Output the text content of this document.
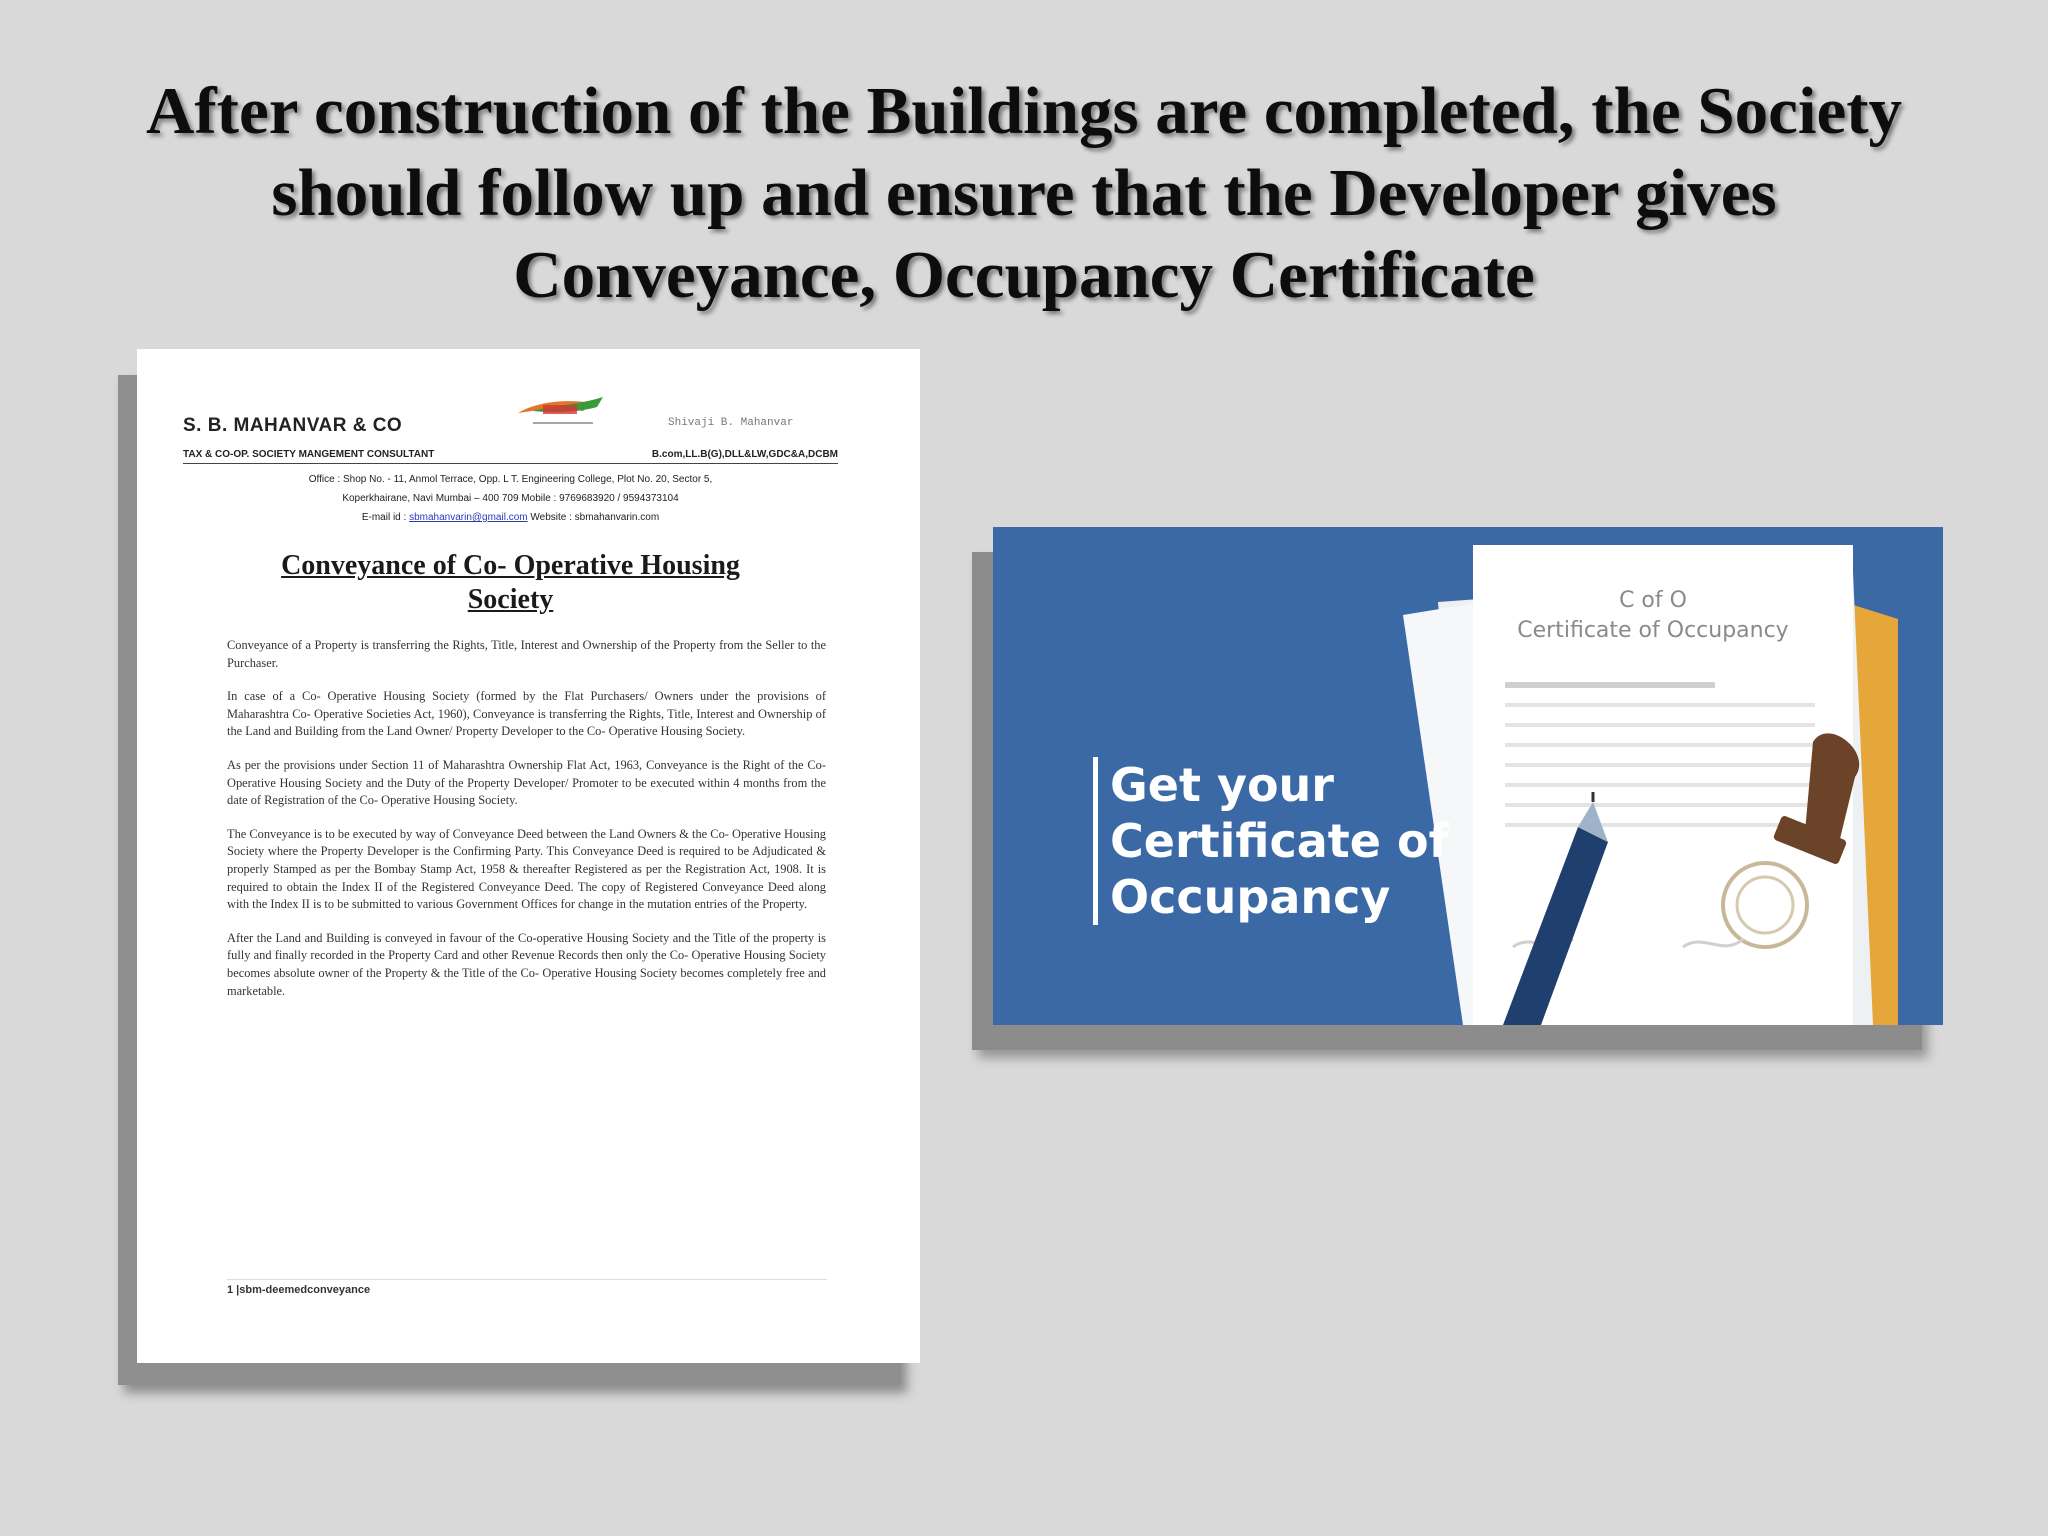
After construction of the Buildings are completed, the Society
should follow up and ensure that the Developer gives
Conveyance, Occupancy Certificate
S. B. MAHANVAR & CO	Shivaji B. Mahanvar
TAX & CO-OP. SOCIETY MANGEMENT CONSULTANT	B.com,LL.B(G),DLL&LW,GDC&A,DCBM
Office : Shop No. - 11, Anmol Terrace, Opp. L T. Engineering College, Plot No. 20, Sector 5,
Koperkhairane, Navi Mumbai – 400 709 Mobile : 9769683920 / 9594373104
E-mail id : sbmahanvarin@gmail.com Website : sbmahanvarin.com
Conveyance of Co- Operative Housing
Society

Conveyance of a Property is transferring the Rights, Title, Interest and Ownership of the Property from the Seller to the Purchaser.

In case of a Co- Operative Housing Society (formed by the Flat Purchasers/ Owners under the provisions of Maharashtra Co- Operative Societies Act, 1960), Conveyance is transferring the Rights, Title, Interest and Ownership of the Land and Building from the Land Owner/ Property Developer to the Co- Operative Housing Society.

As per the provisions under Section 11 of Maharashtra Ownership Flat Act, 1963, Conveyance is the Right of the Co- Operative Housing Society and the Duty of the Property Developer/ Promoter to be executed within 4 months from the date of Registration of the Co- Operative Housing Society.

The Conveyance is to be executed by way of Conveyance Deed between the Land Owners & the Co- Operative Housing Society where the Property Developer is the Confirming Party. This Conveyance Deed is required to be Adjudicated & properly Stamped as per the Bombay Stamp Act, 1958 & thereafter Registered as per the Registration Act, 1908. It is required to obtain the Index II of the Registered Conveyance Deed. The copy of Registered Conveyance Deed along with the Index II is to be submitted to various Government Offices for change in the mutation entries of the Property.

After the Land and Building is conveyed in favour of the Co-operative Housing Society and the Title of the property is fully and finally recorded in the Property Card and other Revenue Records then only the Co- Operative Housing Society becomes absolute owner of the Property & the Title of the Co- Operative Housing Society becomes completely free and marketable.

1 |sbm-deemedconveyance
C of O
Certificate of Occupancy
Get your
Certificate of
Occupancy
